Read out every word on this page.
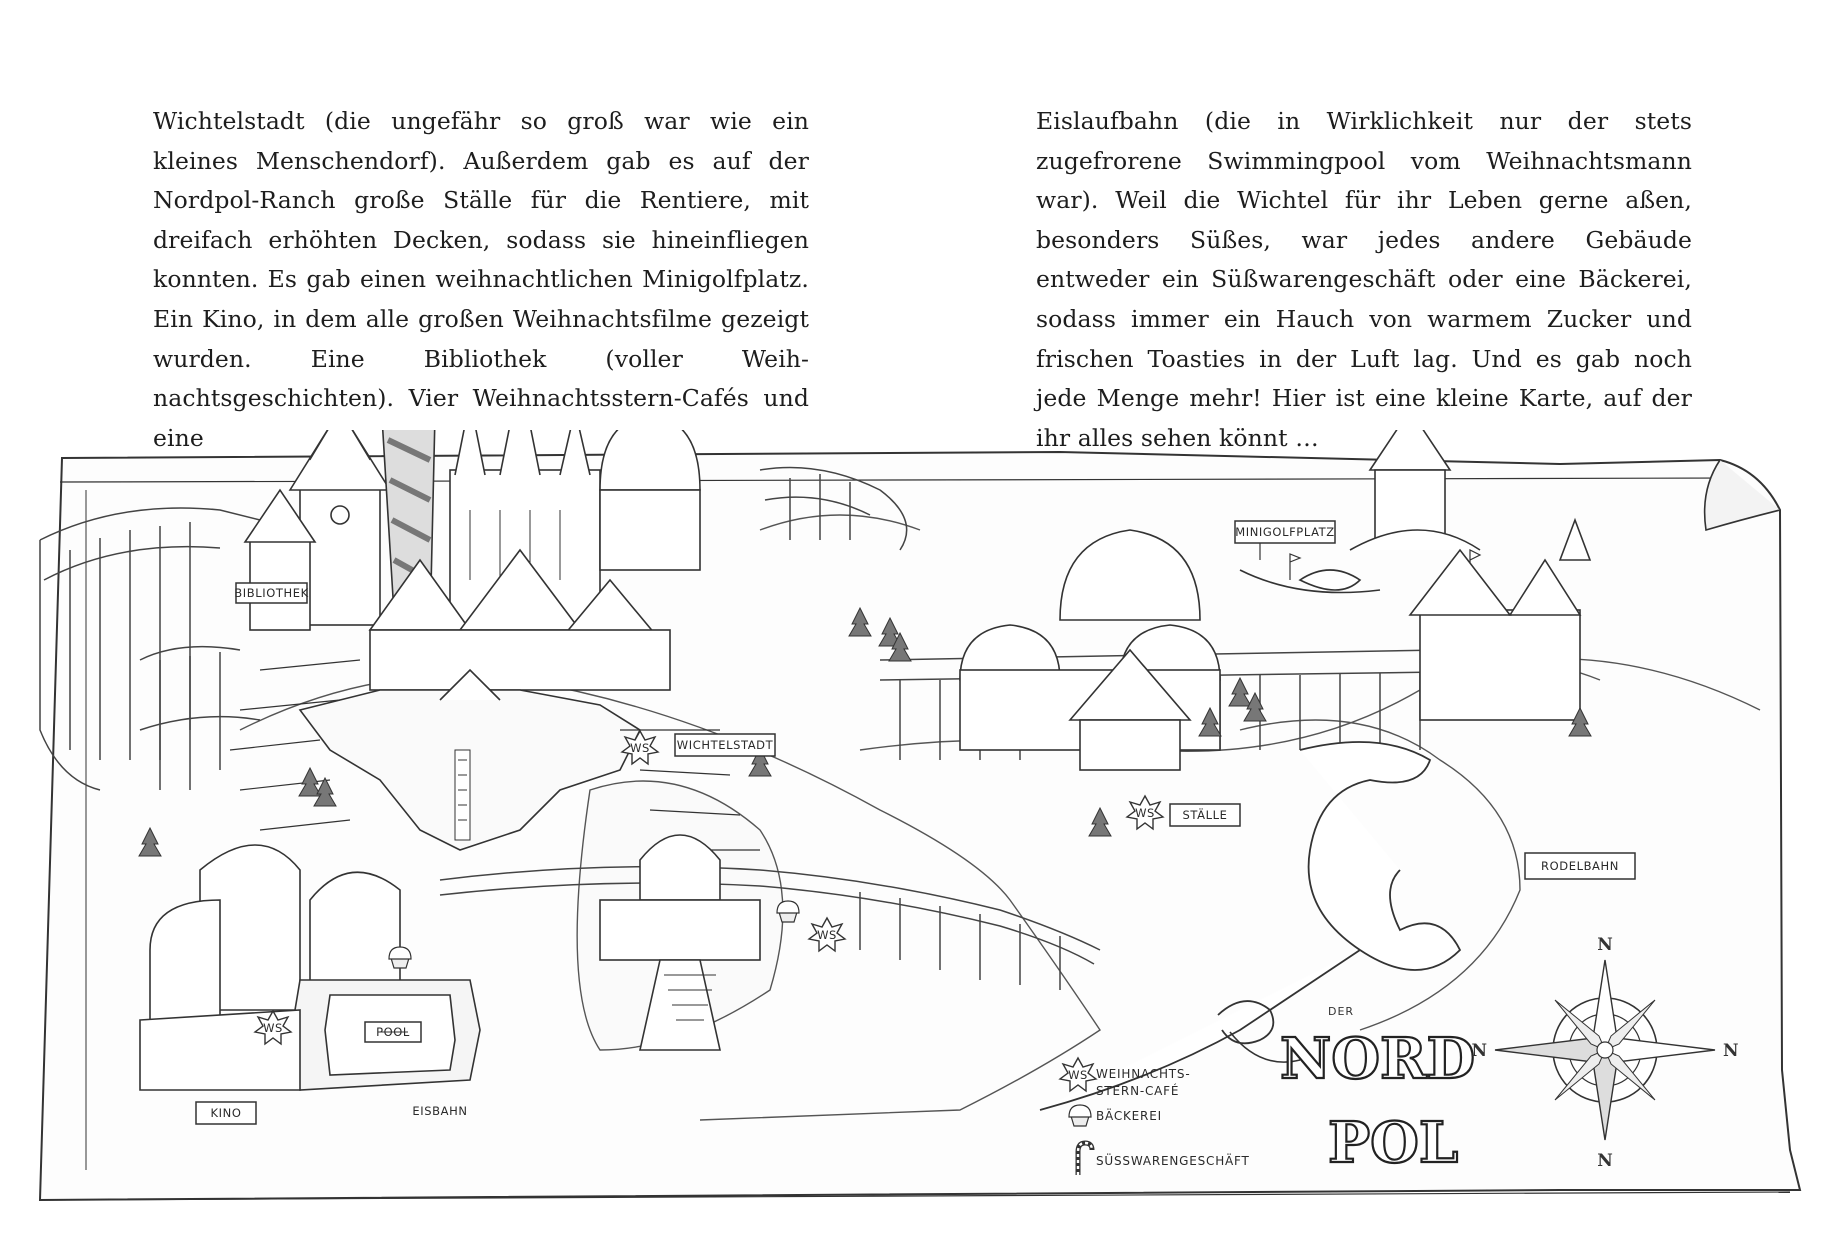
Wichtelstadt (die ungefähr so groß war wie ein kleines Menschendorf). Außerdem gab es auf der Nordpol-Ranch große Ställe für die Rentiere, mit dreifach erhöhten Decken, sodass sie hineinfliegen konnten. Es gab einen weihnachtlichen Minigolfplatz. Ein Kino, in dem alle großen Weihnachtsfilme gezeigt wurden. Eine Bibliothek (voller Weihnachtsgeschichten). Vier Weihnachtsstern-Cafés und eine

Eislaufbahn (die in Wirklichkeit nur der stets zugefrorene Swimmingpool vom Weihnachtsmann war). Weil die Wichtel für ihr Leben gerne aßen, besonders Süßes, war jedes andere Gebäude entweder ein Süßwarengeschäft oder eine Bäckerei, sodass immer ein Hauch von warmem Zucker und frischen Toasties in der Luft lag. Und es gab noch jede Menge mehr! Hier ist eine kleine Karte, auf der ihr alles sehen könnt …

WS
WS
WS
WS
BIBLIOTHEK
WICHTELSTADT
MINIGOLFPLATZ
STÄLLE
RODELBAHN
POOL
KINO	EISBAHN
WS WEIHNACHTS-
STERN-CAFÉ
BÄCKEREI
SÜSSWARENGESCHÄFT
DER
NORD
POL
N
N
N	N
